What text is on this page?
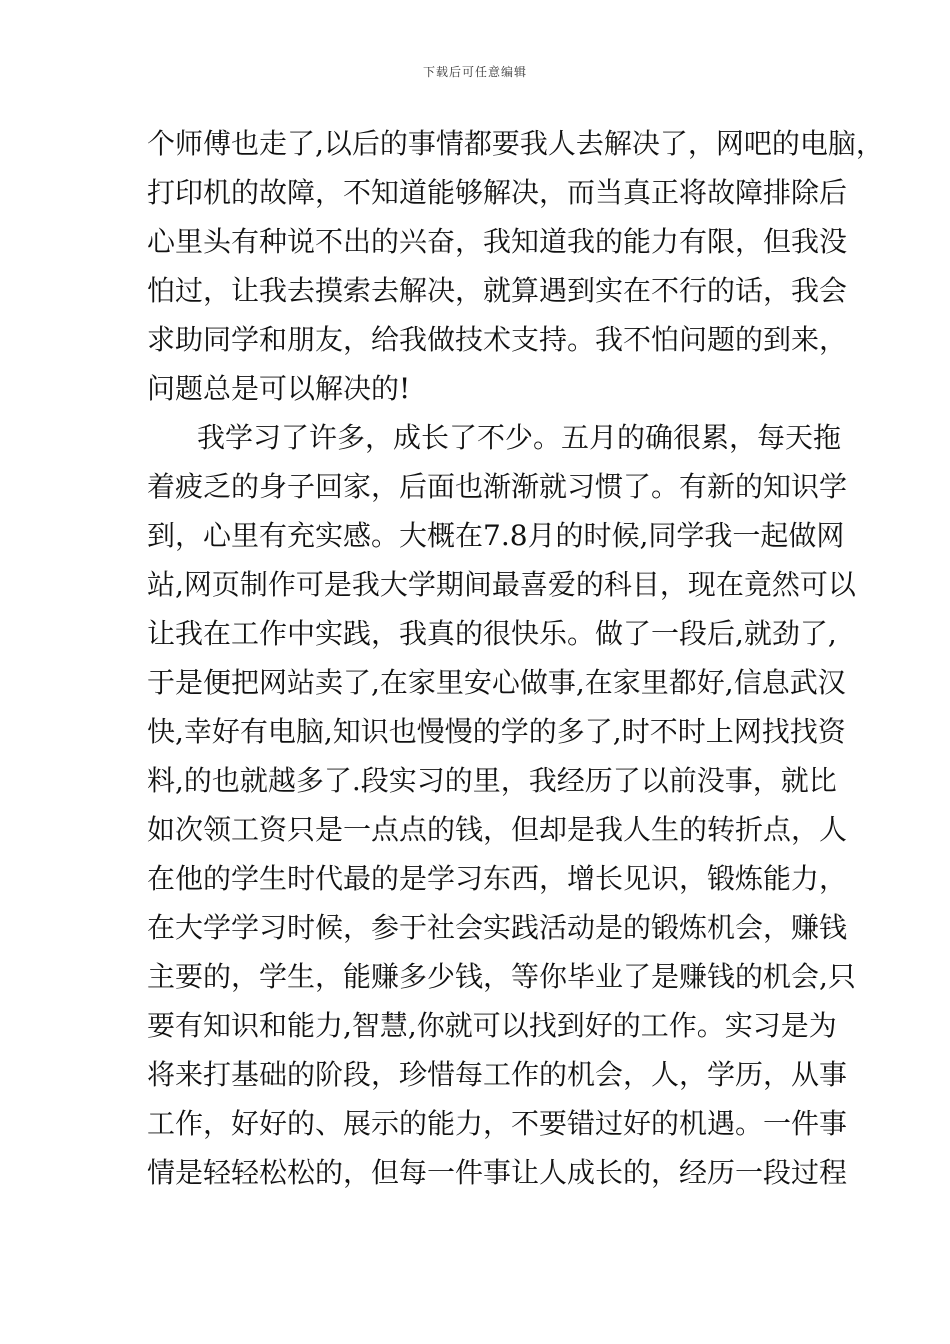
下载后可任意编辑
个师傅也走了,以后的事情都要我人去解决了，网吧的电脑，
打印机的故障，不知道能够解决，而当真正将故障排除后
心里头有种说不出的兴奋，我知道我的能力有限，但我没
怕过，让我去摸索去解决，就算遇到实在不行的话，我会
求助同学和朋友，给我做技术支持。我不怕问题的到来，
问题总是可以解决的!
我学习了许多，成长了不少。五月的确很累，每天拖
着疲乏的身子回家，后面也渐渐就习惯了。有新的知识学
到，心里有充实感。大概在7.8月的时候,同学我一起做网
站,网页制作可是我大学期间最喜爱的科目，现在竟然可以
让我在工作中实践，我真的很快乐。做了一段后,就劲了,
于是便把网站卖了,在家里安心做事,在家里都好,信息武汉
快,幸好有电脑,知识也慢慢的学的多了,时不时上网找找资
料,的也就越多了.段实习的里，我经历了以前没事，就比
如次领工资只是一点点的钱，但却是我人生的转折点，人
在他的学生时代最的是学习东西，增长见识，锻炼能力，
在大学学习时候，参于社会实践活动是的锻炼机会，赚钱
主要的，学生，能赚多少钱，等你毕业了是赚钱的机会,只
要有知识和能力,智慧,你就可以找到好的工作。实习是为
将来打基础的阶段，珍惜每工作的机会，人，学历，从事
工作，好好的、展示的能力，不要错过好的机遇。一件事
情是轻轻松松的，但每一件事让人成长的，经历一段过程
